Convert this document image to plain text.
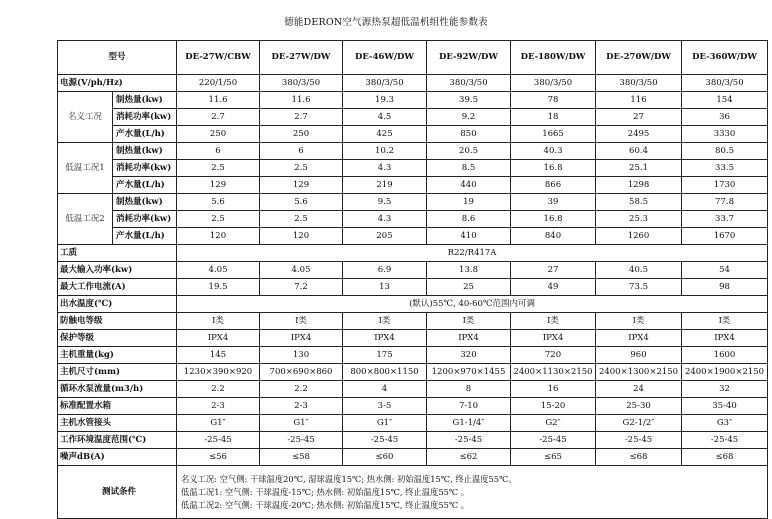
德能DERON空气源热泵超低温机组性能参数表
型号		DE-27W/CBW	DE-27W/DW	DE-46W/DW	DE-92W/DW	DE-180W/DW	DE-270W/DW	DE-360W/DW
电源(V/ph/Hz)		220/1/50	380/3/50	380/3/50	380/3/50	380/3/50	380/3/50	380/3/50
名义工况	制热量(kw)	11.6	11.6	19.3	39.5	78	116	154
	消耗功率(kw)	2.7	2.7	4.5	9.2	18	27	36
	产水量(L/h)	250	250	425	850	1665	2495	3330
低温工况1	制热量(kw)	6	6	10.2	20.5	40.3	60.4	80.5
	消耗功率(kw)	2.5	2.5	4.3	8.5	16.8	25.1	33.5
	产水量(L/h)	129	129	219	440	866	1298	1730
低温工况2	制热量(kw)	5.6	5.6	9.5	19	39	58.5	77.8
	消耗功率(kw)	2.5	2.5	4.3	8.6	16.8	25.3	33.7
	产水量(L/h)	120	120	205	410	840	1260	1670
工质		R22/R417A						
最大输入功率(kw)		4.05	4.05	6.9	13.8	27	40.5	54
最大工作电流(A)		19.5	7.2	13	25	49	73.5	98
出水温度(℃)		(默认)55℃, 40-60℃范围内可调						
防触电等级		I类	I类	I类	I类	I类	I类	I类
保护等级		IPX4	IPX4	IPX4	IPX4	IPX4	IPX4	IPX4
主机重量(kg)		145	130	175	320	720	960	1600
主机尺寸(mm)		1230×390×920	700×690×860	800×800×1150	1200×970×1455	2400×1130×2150	2400×1300×2150	2400×1900×2150
循环水泵流量(m3/h)		2.2	2.2	4	8	16	24	32
标准配置水箱		2-3	2-3	3-5	7-10	15-20	25-30	35-40
主机水管接头		G1″	G1″	G1″	G1-1/4″	G2″	G2-1/2″	G3″
工作环境温度范围(℃)		-25-45	-25-45	-25-45	-25-45	-25-45	-25-45	-25-45
噪声dB(A)		≤56	≤58	≤60	≤62	≤65	≤68	≤68
测试条件		名义工况: 空气侧: 干球温度20℃, 湿球温度15℃; 热水侧: 初始温度15℃, 终止温度55℃。
低温工况1: 空气侧: 干球温度-15℃; 热水侧: 初始温度15℃, 终止温度55℃ 。
低温工况2: 空气侧: 干球温度-20℃; 热水侧: 初始温度15℃, 终止温度55℃ 。						
